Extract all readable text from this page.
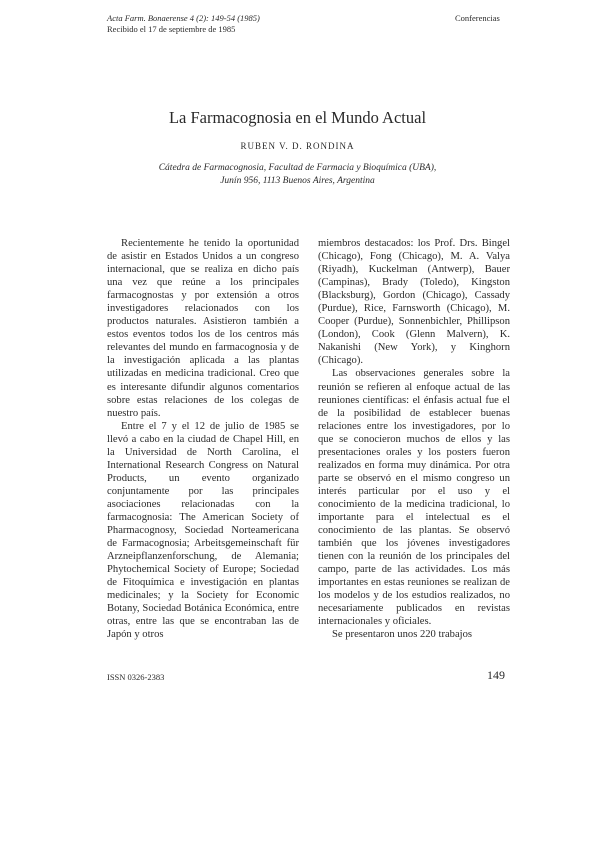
Acta Farm. Bonaerense 4 (2): 149-54 (1985)
Recibido el 17 de septiembre de 1985
Conferencias
La Farmacognosia en el Mundo Actual
RUBEN V. D. RONDINA
Cátedra de Farmacognosia, Facultad de Farmacia y Bioquímica (UBA),
Junín 956, 1113 Buenos Aires, Argentina

Recientemente he tenido la oportunidad de asistir en Estados Unidos a un congreso internacional, que se realiza en dicho país una vez que reúne a los principales farmacognostas y por extensión a otros investigadores relacionados con los productos naturales. Asistieron también a estos eventos todos los de los centros más relevantes del mundo en farmacognosia y de la investigación aplicada a las plantas utilizadas en medicina tradicional. Creo que es interesante difundir algunos comentarios sobre estas relaciones de los colegas de nuestro país.

Entre el 7 y el 12 de julio de 1985 se llevó a cabo en la ciudad de Chapel Hill, en la Universidad de North Carolina, el International Research Congress on Natural Products, un evento organizado conjuntamente por las principales asociaciones relacionadas con la farmacognosia: The American Society of Pharmacognosy, Sociedad Norteamericana de Farmacognosia; Arbeitsgemeinschaft für Arzneipflanzenforschung, de Alemania; Phytochemical Society of Europe; Sociedad de Fitoquímica e investigación en plantas medicinales; y la Society for Economic Botany, Sociedad Botánica Económica, entre otras, entre las que se encontraban las de Japón y otros

miembros destacados: los Prof. Drs. Bingel (Chicago), Fong (Chicago), M. A. Valya (Riyadh), Kuckelman (Antwerp), Bauer (Campinas), Brady (Toledo), Kingston (Blacksburg), Gordon (Chicago), Cassady (Purdue), Rice, Farnsworth (Chicago), M. Cooper (Purdue), Sonnenbichler, Phillipson (London), Cook (Glenn Malvern), K. Nakanishi (New York), y Kinghorn (Chicago).

Las observaciones generales sobre la reunión se refieren al enfoque actual de las reuniones científicas: el énfasis actual fue el de la posibilidad de establecer buenas relaciones entre los investigadores, por lo que se conocieron muchos de ellos y las presentaciones orales y los posters fueron realizados en forma muy dinámica. Por otra parte se observó en el mismo congreso un interés particular por el uso y el conocimiento de la medicina tradicional, lo importante para el intelectual es el conocimiento de las plantas. Se observó también que los jóvenes investigadores tienen con la reunión de los principales del campo, parte de las actividades. Los más importantes en estas reuniones se realizan de los modelos y de los estudios realizados, no necesariamente publicados en revistas internacionales y oficiales.

Se presentaron unos 220 trabajos

ISSN 0326-2383	149
